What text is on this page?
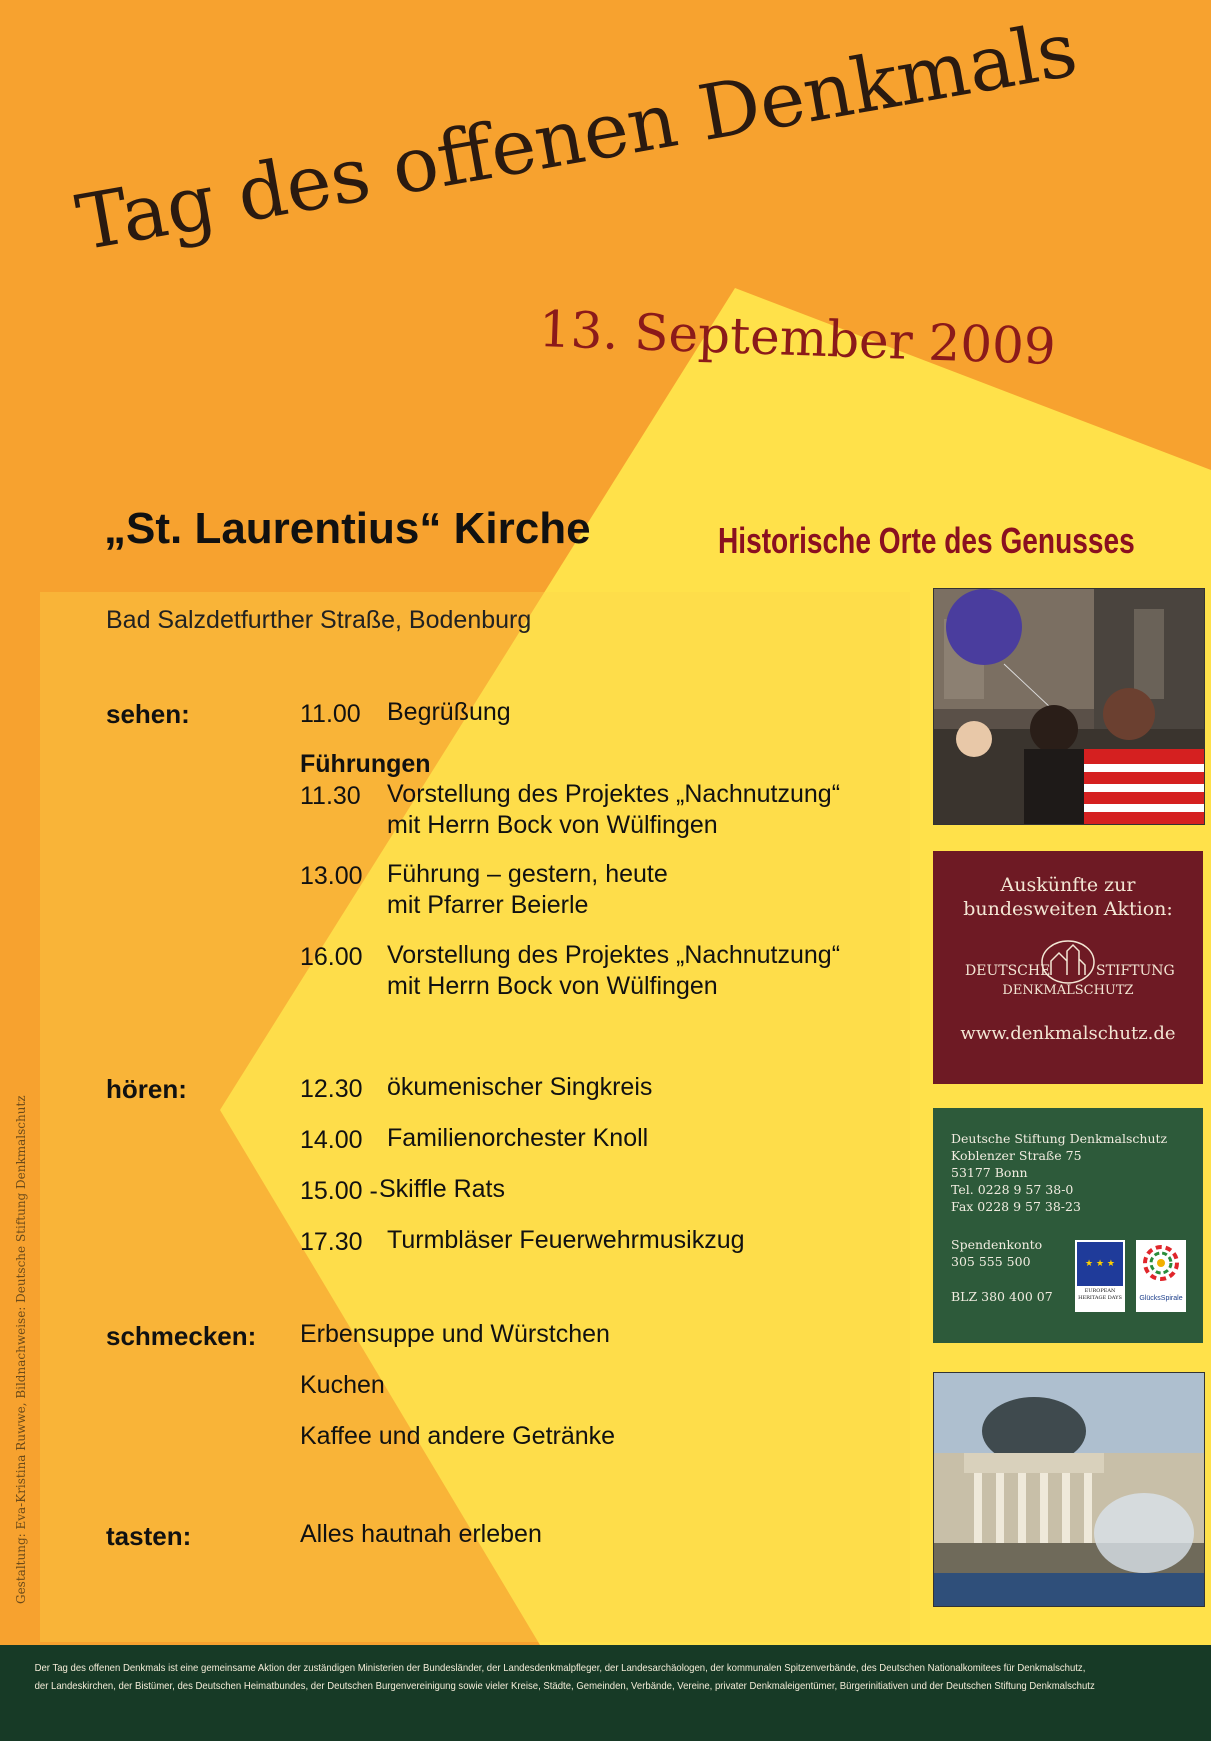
Tag des offenen Denkmals
13. September 2009
„St. Laurentius“ Kirche	Historische Orte des Genusses
Bad Salzdetfurther Straße, Bodenburg
sehen:	11.00 Begrüßung
Führungen
11.30 Vorstellung des Projektes „Nachnutzung“
mit Herrn Bock von Wülfingen
13.00 Führung – gestern, heute
mit Pfarrer Beierle
16.00 Vorstellung des Projektes „Nachnutzung“
mit Herrn Bock von Wülfingen
hören:	12.30 ökumenischer Singkreis
14.00 Familienorchester Knoll
15.00 - Skiffle Rats
17.30 Turmbläser Feuerwehrmusikzug
schmecken: Erbensuppe und Würstchen
Kuchen
Kaffee und andere Getränke
tasten:	Alles hautnah erleben
Auskünfte zur
bundesweiten Aktion:
DEUTSCHE	STIFTUNG
DENKMALSCHUTZ
www.denkmalschutz.de
Deutsche Stiftung Denkmalschutz
Koblenzer Straße 75
53177 Bonn
Tel. 0228 9 57 38-0
Fax 0228 9 57 38-23
Spendenkonto
305 555 500
BLZ 380 400 07
★ ★ ★
EUROPEAN HERITAGE DAYS	GlücksSpirale
Gestaltung: Eva-Kristina Ruwwe, Bildnachweise: Deutsche Stiftung Denkmalschutz
Der Tag des offenen Denkmals ist eine gemeinsame Aktion der zuständigen Ministerien der Bundesländer, der Landesdenkmalpfleger, der Landesarchäologen, der kommunalen Spitzenverbände, des Deutschen Nationalkomitees für Denkmalschutz,
der Landeskirchen, der Bistümer, des Deutschen Heimatbundes, der Deutschen Burgenvereinigung sowie vieler Kreise, Städte, Gemeinden, Verbände, Vereine, privater Denkmaleigentümer, Bürgerinitiativen und der Deutschen Stiftung Denkmalschutz
